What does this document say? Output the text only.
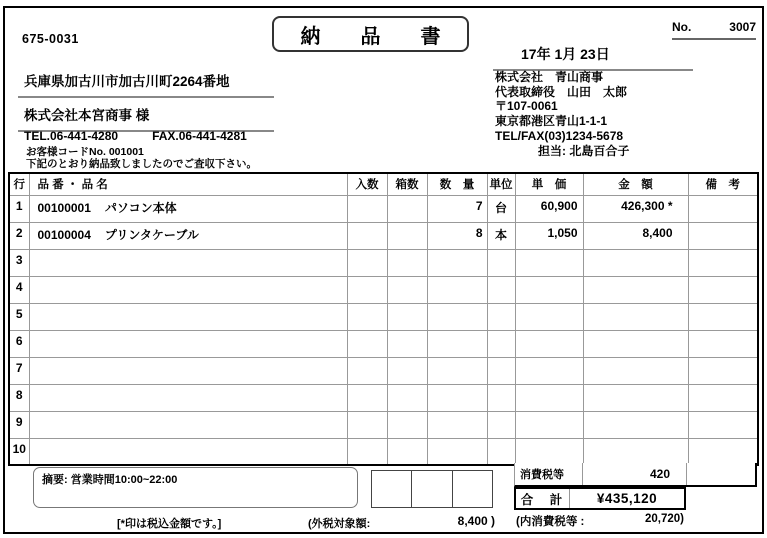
675-0031	納　品　書	No.	3007
17年 1月 23日
兵庫県加古川市加古川町2264番地
株式会社本宮商事 様
TEL.06-441-4280	FAX.06-441-4281
お客様コードNo. 001001
下記のとおり納品致しましたのでご査収下さい。
株式会社　青山商事
代表取締役　山田　太郎
〒107-0061
東京都港区青山1-1-1
TEL/FAX(03)1234-5678
担当: 北島百合子
行	品 番 ・ 品 名	入数	箱数	数　量	単位	単　価	金　額	備　考
1	00100001 パソコン本体			7	台	60,900	426,300 *	
2	00100004 プリンタケーブル			8	本	1,050	8,400	
3								
4								
5								
6								
7								
8								
9								
10								
消費税等	420
合　計	¥435,120
(内消費税等 :	20,720)
摘要: 営業時間10:00~22:00
[*印は税込金額です。]	(外税対象額:	8,400 )
